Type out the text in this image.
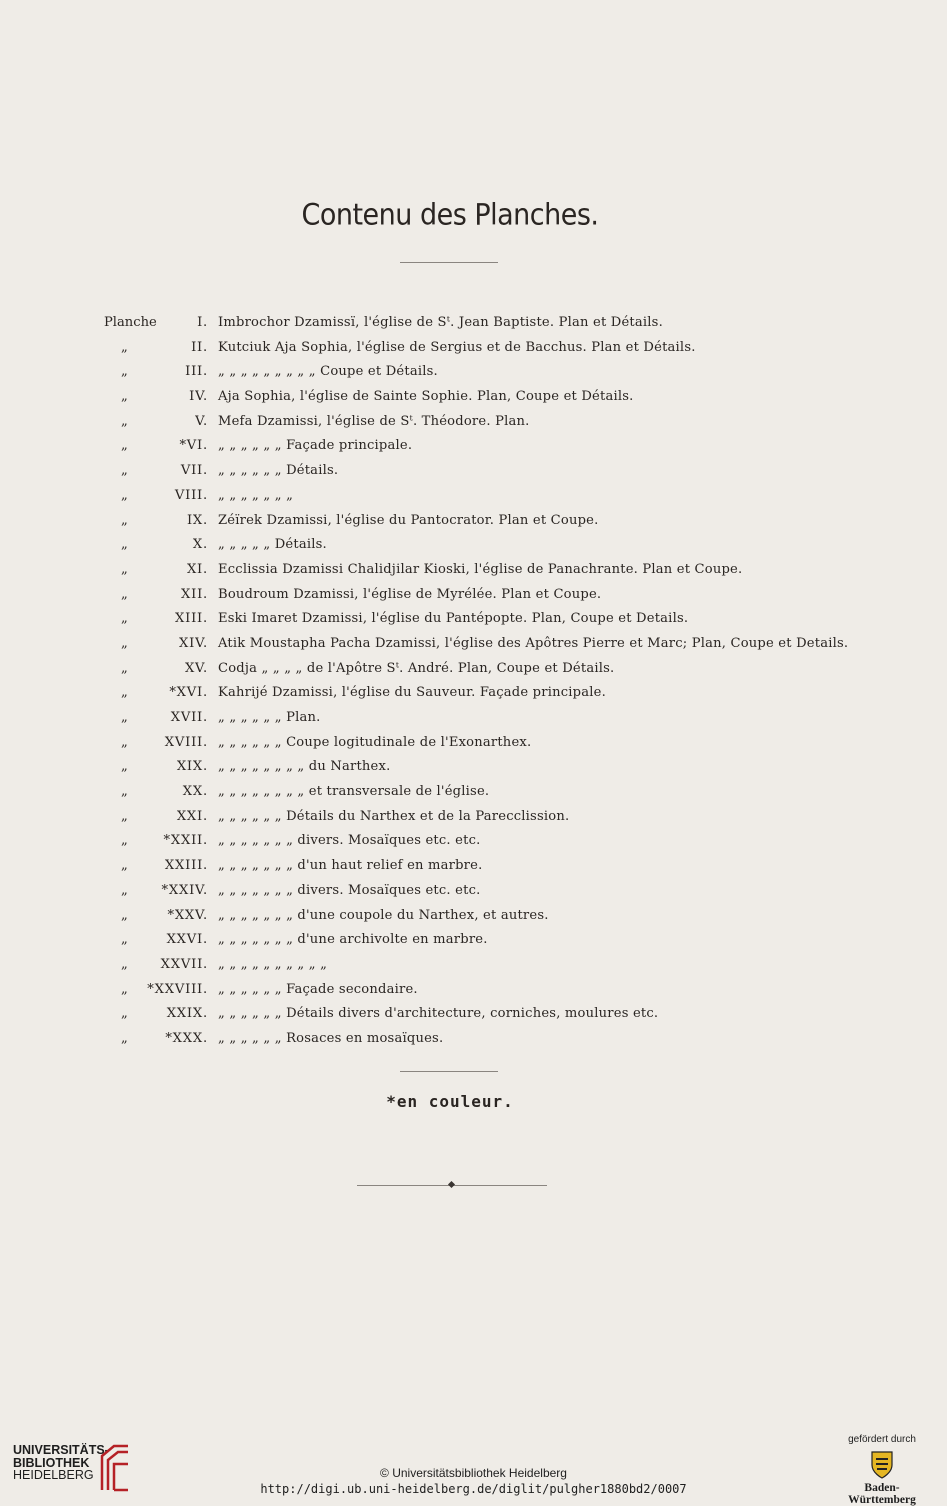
Contenu des Planches.
Planche	I. Imbrochor Dzamissï, l'église de Sᵗ. Jean Baptiste. Plan et Détails.
„	II. Kutciuk Aja Sophia, l'église de Sergius et de Bacchus. Plan et Détails.
„	III. „ „ „ „ „ „ „ „ „ Coupe et Détails.
„	IV. Aja Sophia, l'église de Sainte Sophie. Plan, Coupe et Détails.
„	V. Mefa Dzamissi, l'église de Sᵗ. Théodore. Plan.
„	*VI. „ „ „ „ „ „ Façade principale.
„	VII. „ „ „ „ „ „ Détails.
„	VIII. „ „ „ „ „ „ „
„	IX. Zéïrek Dzamissi, l'église du Pantocrator. Plan et Coupe.
„	X. „ „ „ „ „ Détails.
„	XI. Ecclissia Dzamissi Chalidjilar Kioski, l'église de Panachrante. Plan et Coupe.
„	XII. Boudroum Dzamissi, l'église de Myrélée. Plan et Coupe.
„	XIII. Eski Imaret Dzamissi, l'église du Pantépopte. Plan, Coupe et Details.
„	XIV. Atik Moustapha Pacha Dzamissi, l'église des Apôtres Pierre et Marc; Plan, Coupe et Details.
„	XV. Codja „ „ „ „ de l'Apôtre Sᵗ. André. Plan, Coupe et Détails.
„	*XVI. Kahrijé Dzamissi, l'église du Sauveur. Façade principale.
„	XVII. „ „ „ „ „ „ Plan.
„	XVIII. „ „ „ „ „ „ Coupe logitudinale de l'Exonarthex.
„	XIX. „ „ „ „ „ „ „ „ du Narthex.
„	XX. „ „ „ „ „ „ „ „ et transversale de l'église.
„	XXI. „ „ „ „ „ „ Détails du Narthex et de la Parecclission.
„	*XXII. „ „ „ „ „ „ „ divers. Mosaïques etc. etc.
„	XXIII. „ „ „ „ „ „ „ d'un haut relief en marbre.
„	*XXIV. „ „ „ „ „ „ „ divers. Mosaïques etc. etc.
„	*XXV. „ „ „ „ „ „ „ d'une coupole du Narthex, et autres.
„	XXVI. „ „ „ „ „ „ „ d'une archivolte en marbre.
„	XXVII. „ „ „ „ „ „ „ „ „ „
„	*XXVIII. „ „ „ „ „ „ Façade secondaire.
„	XXIX. „ „ „ „ „ „ Détails divers d'architecture, corniches, moulures etc.
„	*XXX. „ „ „ „ „ „ Rosaces en mosaïques.
*en couleur.
UNIVERSITÄTS-
BIBLIOTHEK
HEIDELBERG	© Universitätsbibliothek Heidelberg
http://digi.ub.uni-heidelberg.de/diglit/pulgher1880bd2/0007
gefördert durch
Baden-Württemberg
